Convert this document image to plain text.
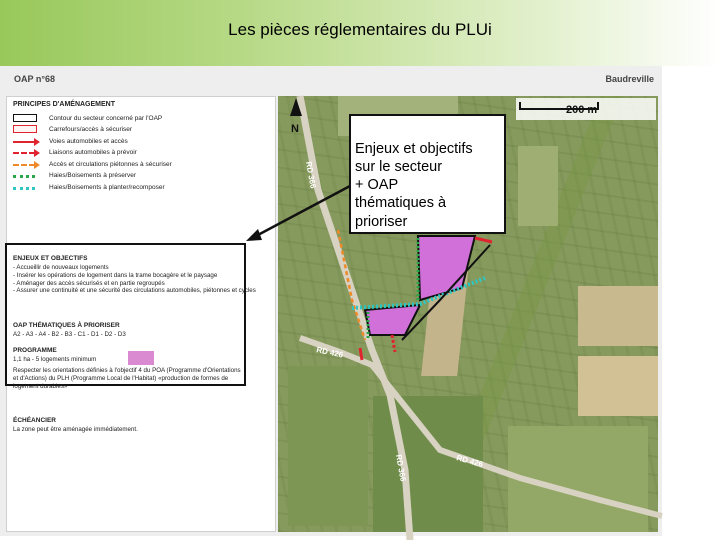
Les pièces réglementaires du PLUi
OAP n°68	Baudreville
PRINCIPES D'AMÉNAGEMENT
Contour du secteur concerné par l'OAP
Carrefours/accès à sécuriser
Voies automobiles et accès
Liaisons automobiles à prévoir
Accès et circulations piétonnes à sécuriser
Haies/Boisements à préserver
Haies/Boisements à planter/recomposer
ENJEUX ET OBJECTIFS

- Accueillir de nouveaux logements

- Insérer les opérations de logement dans la trame bocagère et le paysage

- Aménager des accès sécurisés et en partie regroupés

- Assurer une continuité et une sécurité des circulations automobiles, piétonnes et cycles

OAP THÉMATIQUES À PRIORISER

A2 - A3 - A4 - B2 - B3 - C1 - D1 - D2 - D3

PROGRAMME

1,1 ha - 5 logements minimum

Respecter les orientations définies à l'objectif 4 du POA (Programme d'Orientations et d'Actions) du PLH (Programme Local de l'Habitat) «production de formes de logement durables»

ÉCHÉANCIER

La zone peut être aménagée immédiatement.

N
200 m
RD 366
RD 426
RD 366	RD 426
Enjeux et objectifs
sur le secteur
+ OAP
thématiques à
prioriser
